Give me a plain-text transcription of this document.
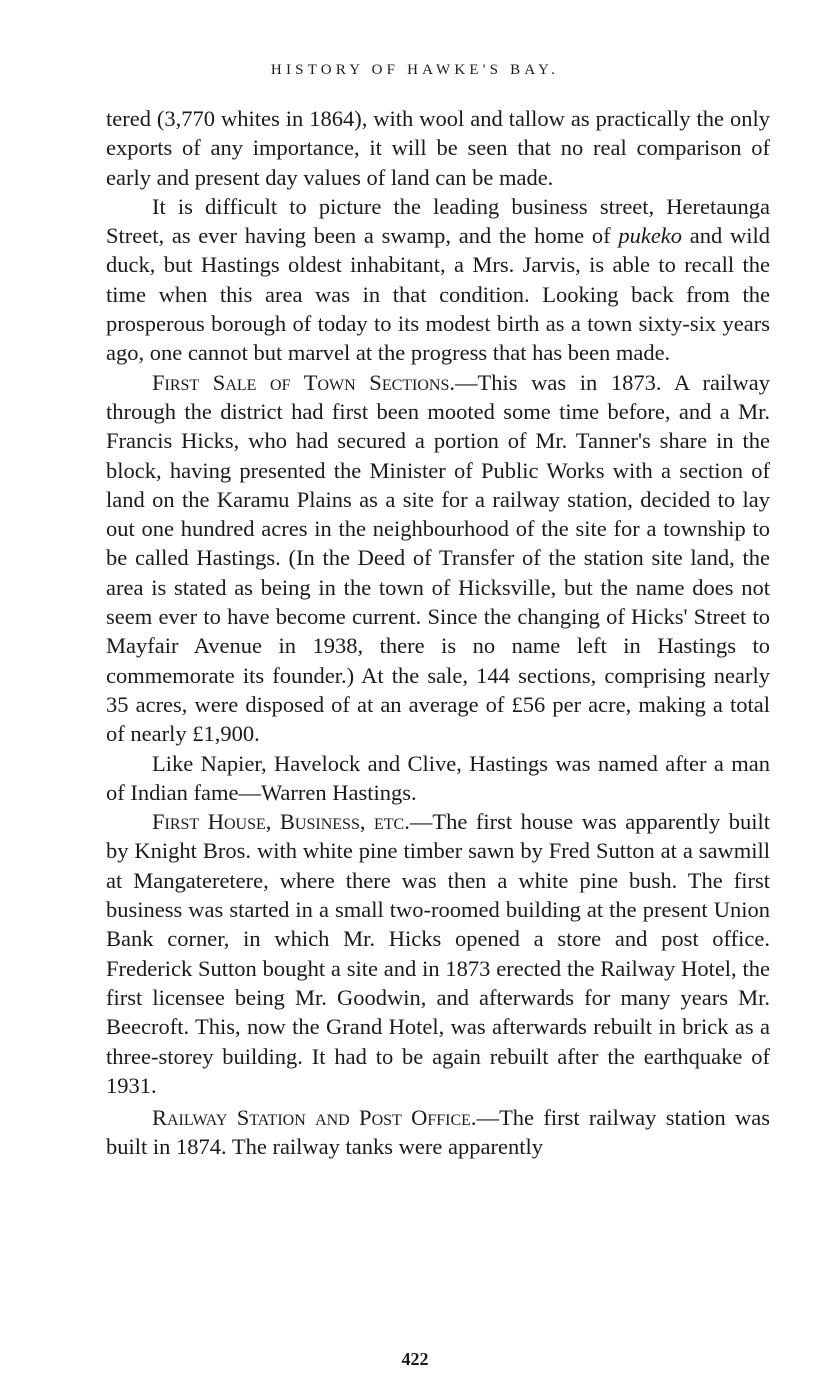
HISTORY OF HAWKE'S BAY.

tered (3,770 whites in 1864), with wool and tallow as practically the only exports of any importance, it will be seen that no real comparison of early and present day values of land can be made.

It is difficult to picture the leading business street, Heretaunga Street, as ever having been a swamp, and the home of pukeko and wild duck, but Hastings oldest inhabitant, a Mrs. Jarvis, is able to recall the time when this area was in that condition. Looking back from the prosperous borough of today to its modest birth as a town sixty-six years ago, one cannot but marvel at the progress that has been made.

First Sale of Town Sections.—This was in 1873. A railway through the district had first been mooted some time before, and a Mr. Francis Hicks, who had secured a portion of Mr. Tanner's share in the block, having presented the Minister of Public Works with a section of land on the Karamu Plains as a site for a railway station, decided to lay out one hundred acres in the neighbourhood of the site for a township to be called Hastings. (In the Deed of Transfer of the station site land, the area is stated as being in the town of Hicksville, but the name does not seem ever to have become current. Since the changing of Hicks' Street to Mayfair Avenue in 1938, there is no name left in Hastings to commemorate its founder.) At the sale, 144 sections, comprising nearly 35 acres, were disposed of at an average of £56 per acre, making a total of nearly £1,900.

Like Napier, Havelock and Clive, Hastings was named after a man of Indian fame—Warren Hastings.

First House, Business, etc.—The first house was apparently built by Knight Bros. with white pine timber sawn by Fred Sutton at a sawmill at Mangateretere, where there was then a white pine bush. The first business was started in a small two-roomed building at the present Union Bank corner, in which Mr. Hicks opened a store and post office. Frederick Sutton bought a site and in 1873 erected the Railway Hotel, the first licensee being Mr. Goodwin, and afterwards for many years Mr. Beecroft. This, now the Grand Hotel, was afterwards rebuilt in brick as a three-storey building. It had to be again rebuilt after the earthquake of 1931.

Railway Station and Post Office.—The first railway station was built in 1874. The railway tanks were apparently

422
